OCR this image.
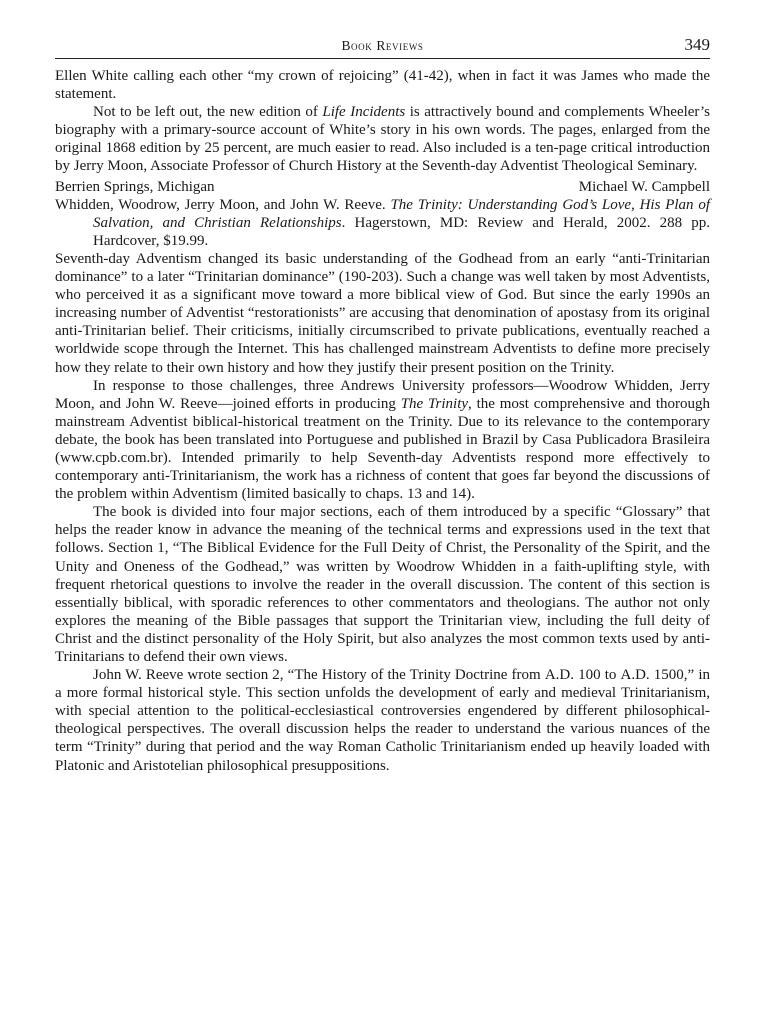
Book Reviews	349

Ellen White calling each other “my crown of rejoicing” (41-42), when in fact it was James who made the statement.

Not to be left out, the new edition of Life Incidents is attractively bound and complements Wheeler’s biography with a primary-source account of White’s story in his own words. The pages, enlarged from the original 1868 edition by 25 percent, are much easier to read. Also included is a ten-page critical introduction by Jerry Moon, Associate Professor of Church History at the Seventh-day Adventist Theological Seminary.

Berrien Springs, Michigan	Michael W. Campbell

Whidden, Woodrow, Jerry Moon, and John W. Reeve. The Trinity: Understanding God’s Love, His Plan of Salvation, and Christian Relationships. Hagerstown, MD: Review and Herald, 2002. 288 pp. Hardcover, $19.99.

Seventh-day Adventism changed its basic understanding of the Godhead from an early “anti-Trinitarian dominance” to a later “Trinitarian dominance” (190-203). Such a change was well taken by most Adventists, who perceived it as a significant move toward a more biblical view of God. But since the early 1990s an increasing number of Adventist “restorationists” are accusing that denomination of apostasy from its original anti-Trinitarian belief. Their criticisms, initially circumscribed to private publications, eventually reached a worldwide scope through the Internet. This has challenged mainstream Adventists to define more precisely how they relate to their own history and how they justify their present position on the Trinity.

In response to those challenges, three Andrews University professors—Woodrow Whidden, Jerry Moon, and John W. Reeve—joined efforts in producing The Trinity, the most comprehensive and thorough mainstream Adventist biblical-historical treatment on the Trinity. Due to its relevance to the contemporary debate, the book has been translated into Portuguese and published in Brazil by Casa Publicadora Brasileira (www.cpb.com.br). Intended primarily to help Seventh-day Adventists respond more effectively to contemporary anti-Trinitarianism, the work has a richness of content that goes far beyond the discussions of the problem within Adventism (limited basically to chaps. 13 and 14).

The book is divided into four major sections, each of them introduced by a specific “Glossary” that helps the reader know in advance the meaning of the technical terms and expressions used in the text that follows. Section 1, “The Biblical Evidence for the Full Deity of Christ, the Personality of the Spirit, and the Unity and Oneness of the Godhead,” was written by Woodrow Whidden in a faith-uplifting style, with frequent rhetorical questions to involve the reader in the overall discussion. The content of this section is essentially biblical, with sporadic references to other commentators and theologians. The author not only explores the meaning of the Bible passages that support the Trinitarian view, including the full deity of Christ and the distinct personality of the Holy Spirit, but also analyzes the most common texts used by anti-Trinitarians to defend their own views.

John W. Reeve wrote section 2, “The History of the Trinity Doctrine from A.D. 100 to A.D. 1500,” in a more formal historical style. This section unfolds the development of early and medieval Trinitarianism, with special attention to the political-ecclesiastical controversies engendered by different philosophical-theological perspectives. The overall discussion helps the reader to understand the various nuances of the term “Trinity” during that period and the way Roman Catholic Trinitarianism ended up heavily loaded with Platonic and Aristotelian philosophical presuppositions.
